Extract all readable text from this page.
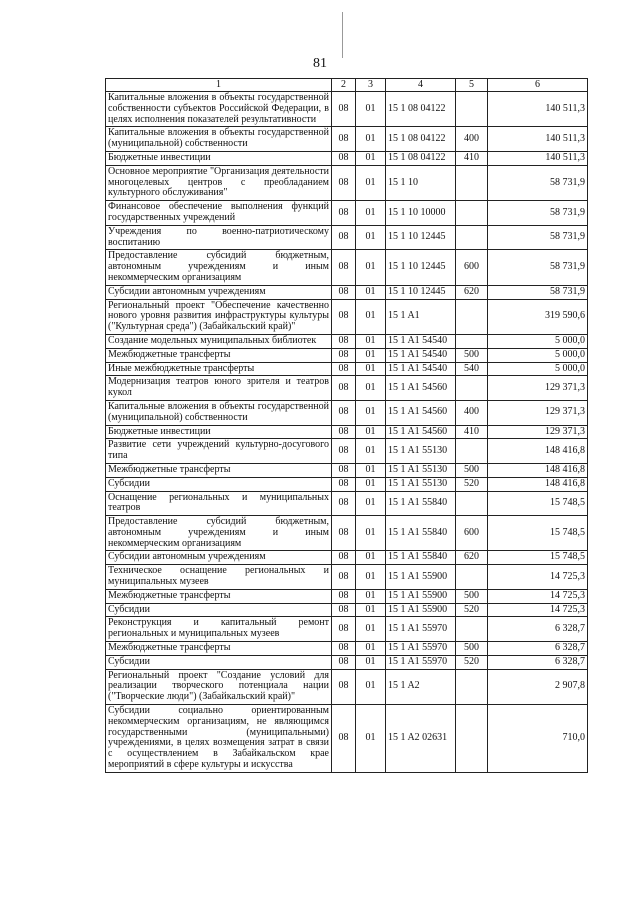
81
1	2	3	4	5	6
Капитальные вложения в объекты государственной собственности субъектов Российской Федерации, в целях исполнения показателей результативности	08	01	15 1 08 04122		140 511,3
Капитальные вложения в объекты государственной (муниципальной) собственности	08	01	15 1 08 04122	400	140 511,3
Бюджетные инвестиции	08	01	15 1 08 04122	410	140 511,3
Основное мероприятие "Организация деятельности многоцелевых центров с преобладанием культурного обслуживания"	08	01	15 1 10		58 731,9
Финансовое обеспечение выполнения функций государственных учреждений	08	01	15 1 10 10000		58 731,9
Учреждения по военно-патриотическому воспитанию	08	01	15 1 10 12445		58 731,9
Предоставление субсидий бюджетным, автономным учреждениям и иным некоммерческим организациям	08	01	15 1 10 12445	600	58 731,9
Субсидии автономным учреждениям	08	01	15 1 10 12445	620	58 731,9
Региональный проект "Обеспечение качественно нового уровня развития инфраструктуры культуры ("Культурная среда") (Забайкальский край)"	08	01	15 1 A1		319 590,6
Создание модельных муниципальных библиотек	08	01	15 1 A1 54540		5 000,0
Межбюджетные трансферты	08	01	15 1 A1 54540	500	5 000,0
Иные межбюджетные трансферты	08	01	15 1 A1 54540	540	5 000,0
Модернизация театров юного зрителя и театров кукол	08	01	15 1 A1 54560		129 371,3
Капитальные вложения в объекты государственной (муниципальной) собственности	08	01	15 1 A1 54560	400	129 371,3
Бюджетные инвестиции	08	01	15 1 A1 54560	410	129 371,3
Развитие сети учреждений культурно-досугового типа	08	01	15 1 A1 55130		148 416,8
Межбюджетные трансферты	08	01	15 1 A1 55130	500	148 416,8
Субсидии	08	01	15 1 A1 55130	520	148 416,8
Оснащение региональных и муниципальных театров	08	01	15 1 A1 55840		15 748,5
Предоставление субсидий бюджетным, автономным учреждениям и иным некоммерческим организациям	08	01	15 1 A1 55840	600	15 748,5
Субсидии автономным учреждениям	08	01	15 1 A1 55840	620	15 748,5
Техническое оснащение региональных и муниципальных музеев	08	01	15 1 A1 55900		14 725,3
Межбюджетные трансферты	08	01	15 1 A1 55900	500	14 725,3
Субсидии	08	01	15 1 A1 55900	520	14 725,3
Реконструкция и капитальный ремонт региональных и муниципальных музеев	08	01	15 1 A1 55970		6 328,7
Межбюджетные трансферты	08	01	15 1 A1 55970	500	6 328,7
Субсидии	08	01	15 1 A1 55970	520	6 328,7
Региональный проект "Создание условий для реализации творческого потенциала нации ("Творческие люди") (Забайкальский край)"	08	01	15 1 A2		2 907,8
Субсидии социально ориентированным некоммерческим организациям, не являющимся государственными (муниципальными) учреждениями, в целях возмещения затрат в связи с осуществлением в Забайкальском крае мероприятий в сфере культуры и искусства	08	01	15 1 A2 02631		710,0
